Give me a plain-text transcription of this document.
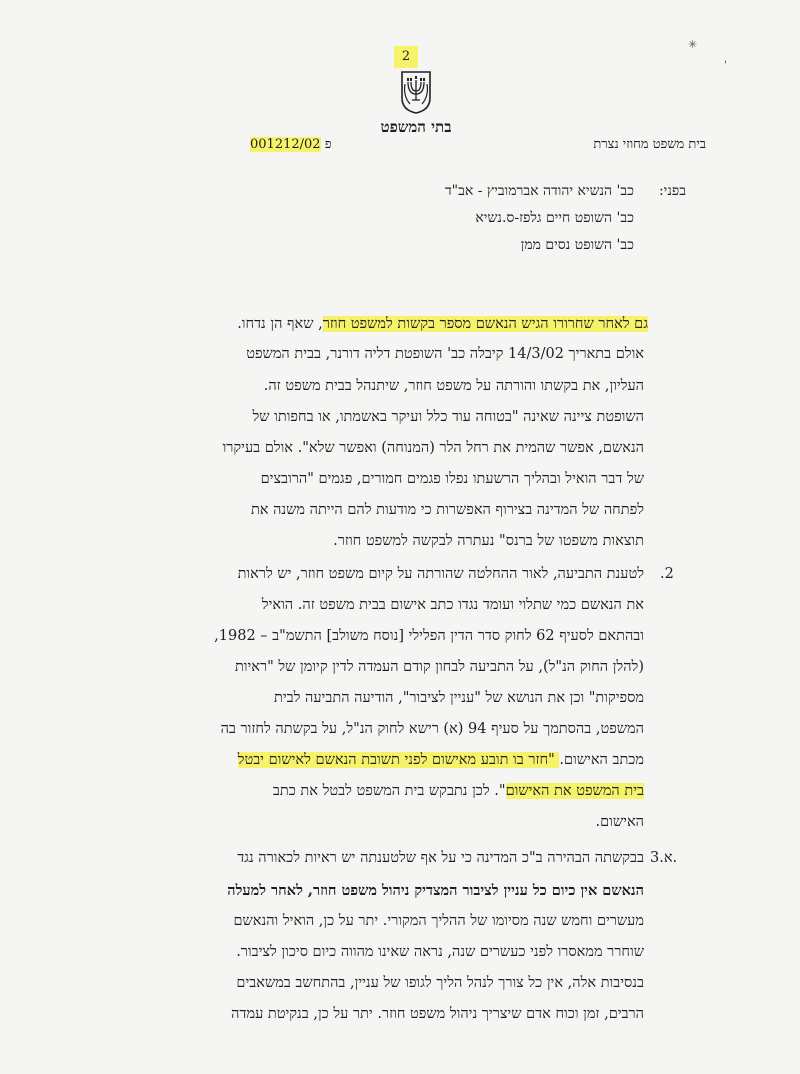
2
בתי המשפט
✳
'
בית משפט מחוזי נצרת
פ 001212/02
בפני:
כב' הנשיא יהודה אברמוביץ - אב"ד
כב' השופט חיים גלפז-ס.נשיא
כב' השופט נסים ממן
גם לאחר שחרורו הגיש הנאשם מספר בקשות למשפט חוזר, שאף הן נדחו.
אולם בתאריך 14/3/02 קיבלה כב' השופטת דליה דורנר, בבית המשפט
העליון, את בקשתו והורתה על משפט חוזר, שיתנהל בבית משפט זה.
השופטת ציינה שאינה "בטוחה עוד כלל ועיקר באשמתו, או בחפותו של
הנאשם, אפשר שהמית את רחל הלר (המנוחה) ואפשר שלא". אולם בעיקרו
של דבר הואיל ובהליך הרשעתו נפלו פגמים חמורים, פגמים "הרובצים
לפתחה של המדינה בצירוף האפשרות כי מודעות להם הייתה משנה את
תוצאות משפטו של ברנס" נעתרה לבקשה למשפט חוזר.
.2
לטענת התביעה, לאור ההחלטה שהורתה על קיום משפט חוזר, יש לראות
את הנאשם כמי שתלוי ועומד נגדו כתב אישום בבית משפט זה. הואיל
ובהתאם לסעיף 62 לחוק סדר הדין הפלילי [נוסח משולב] התשמ"ב – 1982,
(להלן החוק הנ"ל), על התביעה לבחון קודם העמדה לדין קיומן של "ראיות
מספיקות" וכן את הנושא של "עניין לציבור", הודיעה התביעה לבית
המשפט, בהסתמך על סעיף 94 (א) רישא לחוק הנ"ל, על בקשתה לחזור בה
מכתב האישום. "חזר בו תובע מאישום לפני תשובת הנאשם לאישום יבטל
בית המשפט את האישום". לכן נתבקש בית המשפט לבטל את כתב
האישום.
3.א.
בבקשתה הבהירה ב"כ המדינה כי על אף שלטענתה יש ראיות לכאורה נגד
הנאשם אין כיום כל עניין לציבור המצדיק ניהול משפט חוזר, לאחר למעלה
מעשרים וחמש שנה מסיומו של ההליך המקורי. יתר על כן, הואיל והנאשם
שוחרר ממאסרו לפני כעשרים שנה, נראה שאינו מהווה כיום סיכון לציבור.
בנסיבות אלה, אין כל צורך לנהל הליך לגופו של עניין, בהתחשב במשאבים
הרבים, זמן וכוח אדם שיצריך ניהול משפט חוזר. יתר על כן, בנקיטת עמדה
